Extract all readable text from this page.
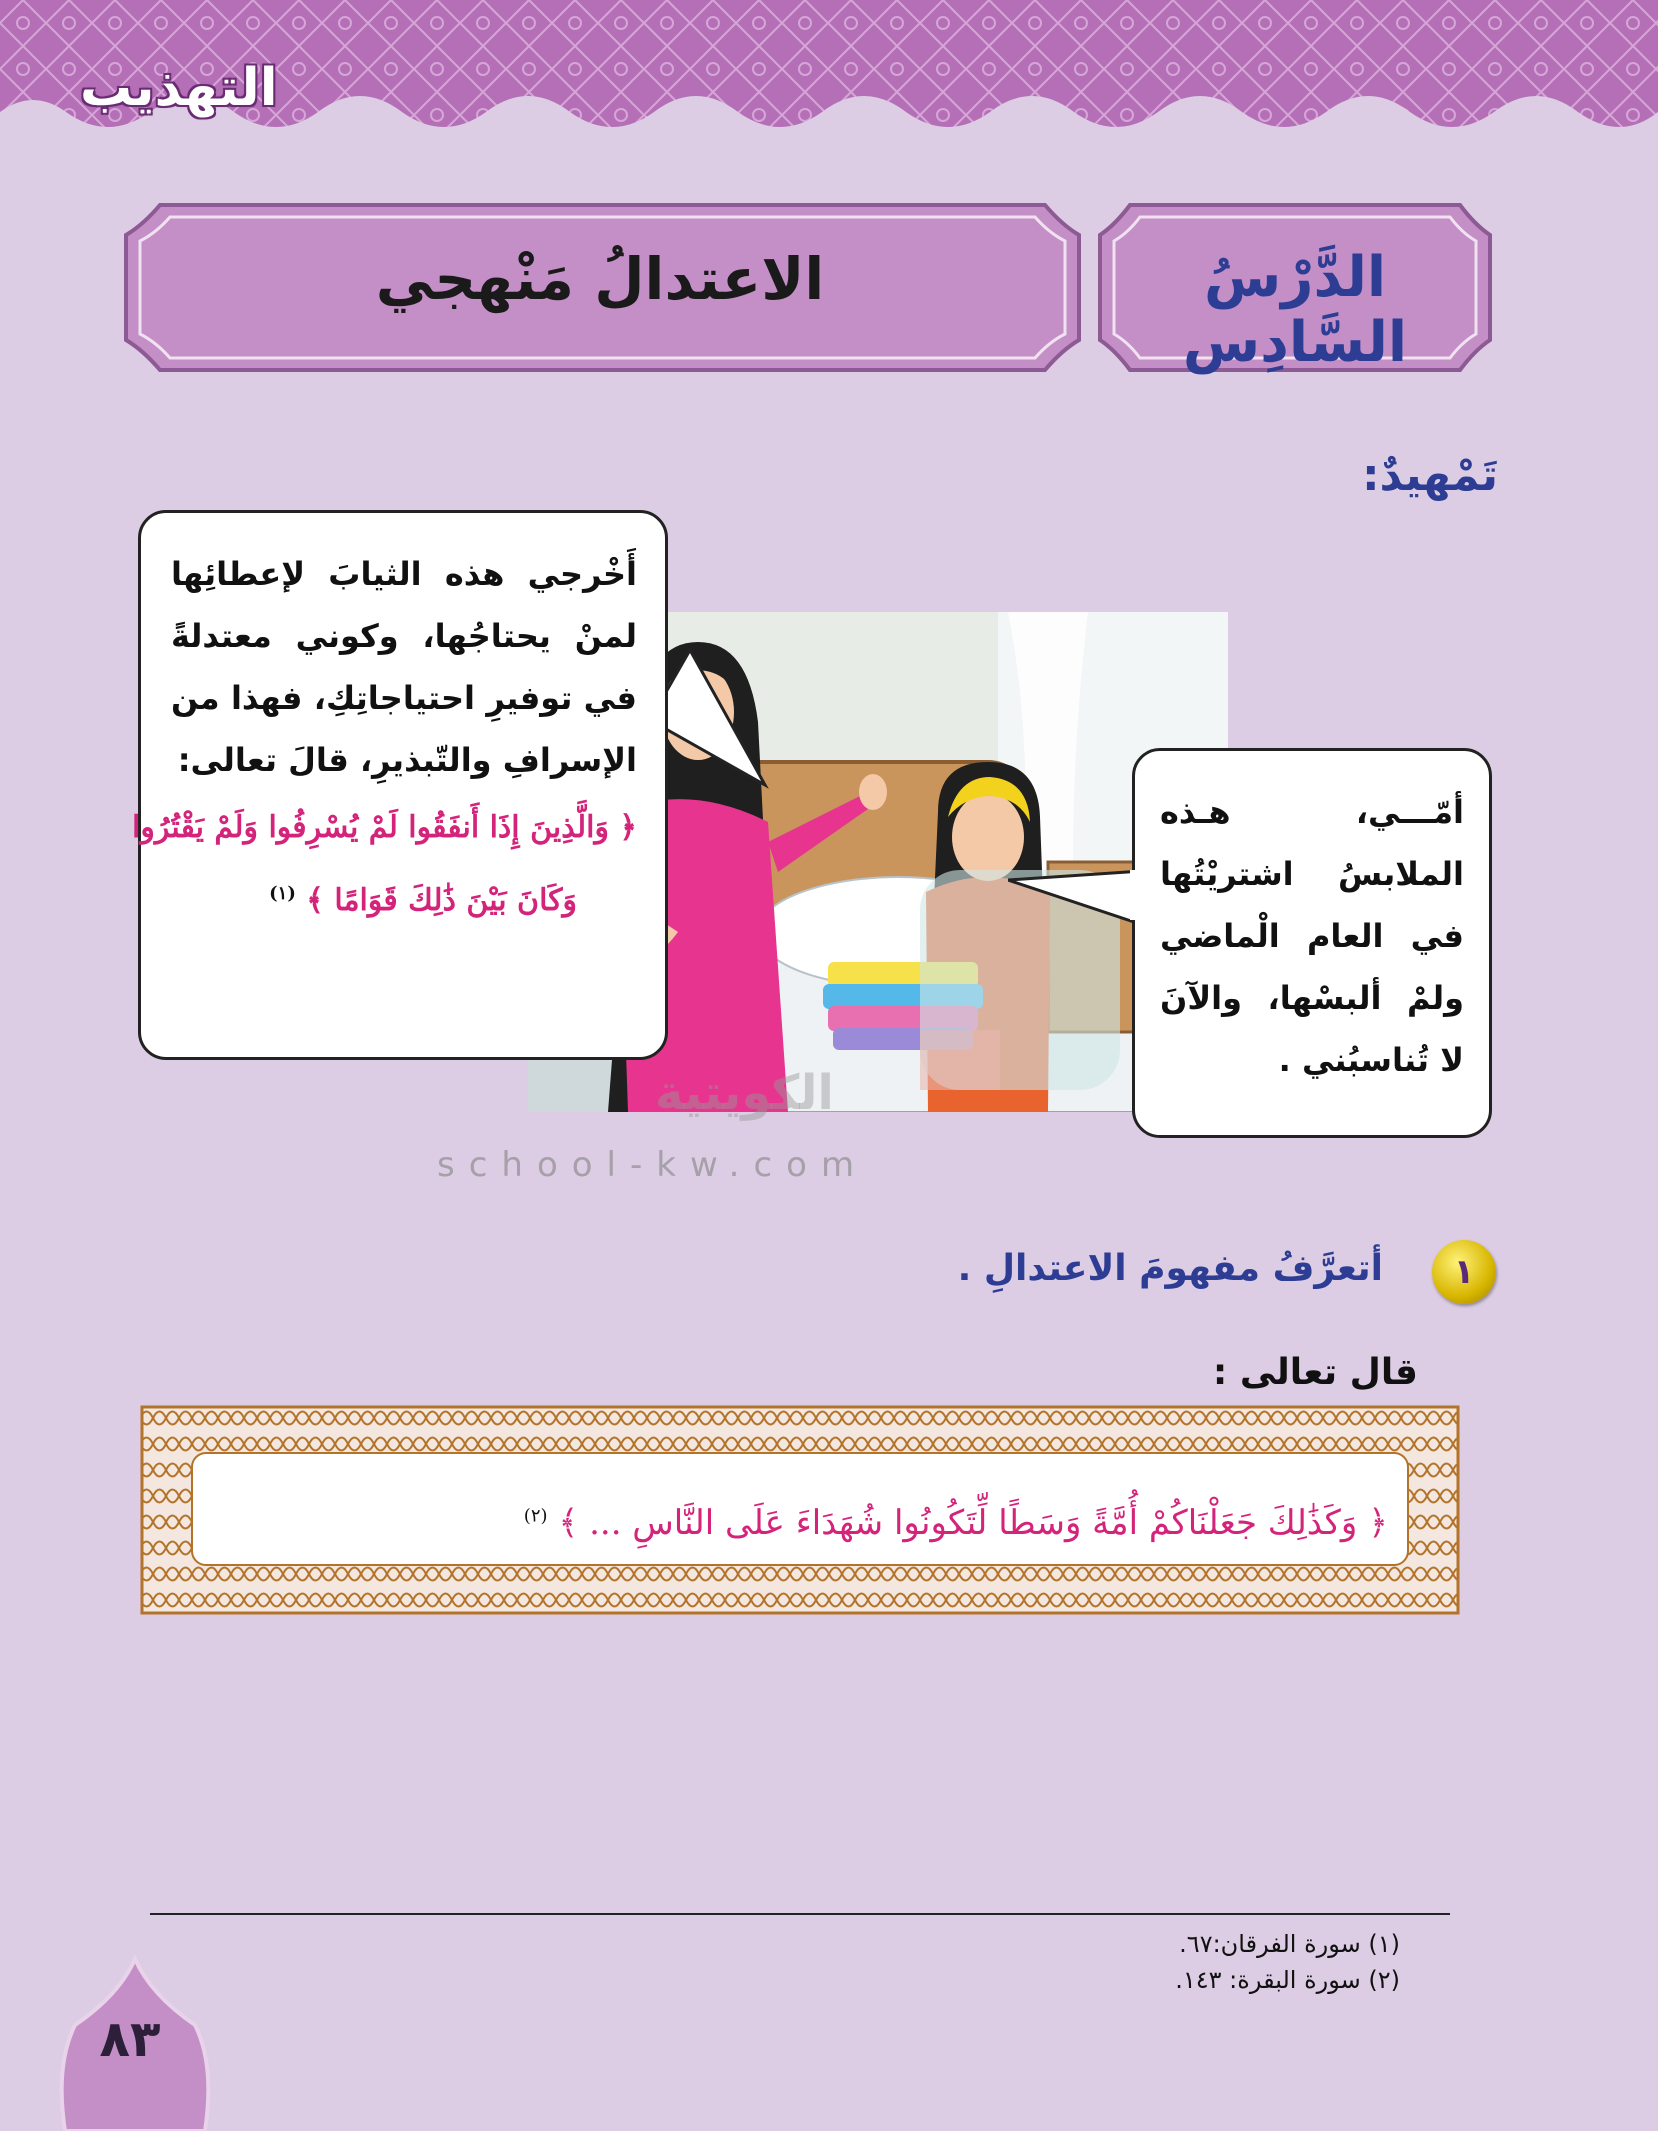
التهذيب
الدَّرْسُ السَّادِس
الاعتدالُ مَنْهجي
تَمْهيدٌ:
الكويتية
school-kw.com
أَخْرجي هذه الثيابَ لإعطائِها لمنْ يحتاجُها، وكوني معتدلةً في توفيرِ احتياجاتِكِ، فهذا من الإسرافِ والتّبذيرِ، قالَ تعالى:
﴿ وَالَّذِينَ إِذَا أَنفَقُوا لَمْ يُسْرِفُوا وَلَمْ يَقْتُرُوا
وَكَانَ بَيْنَ ذَٰلِكَ قَوَامًا ﴾ $^{(١)}$
أمّـــي، هـذه الملابسُ اشتريْتُها في العام الْماضي ولمْ ألبسْها، والآنَ لا تُناسبُني .
١
أتعرَّفُ مفهومَ الاعتدالِ .
قال تعالى :
﴿ وَكَذَٰلِكَ جَعَلْنَاكُمْ أُمَّةً وَسَطًا لِّتَكُونُوا شُهَدَاءَ عَلَى النَّاسِ ... ﴾ $^{(٢)}$
(١) سورة الفرقان:٦٧.
(٢) سورة البقرة: ١٤٣.
٨٣
